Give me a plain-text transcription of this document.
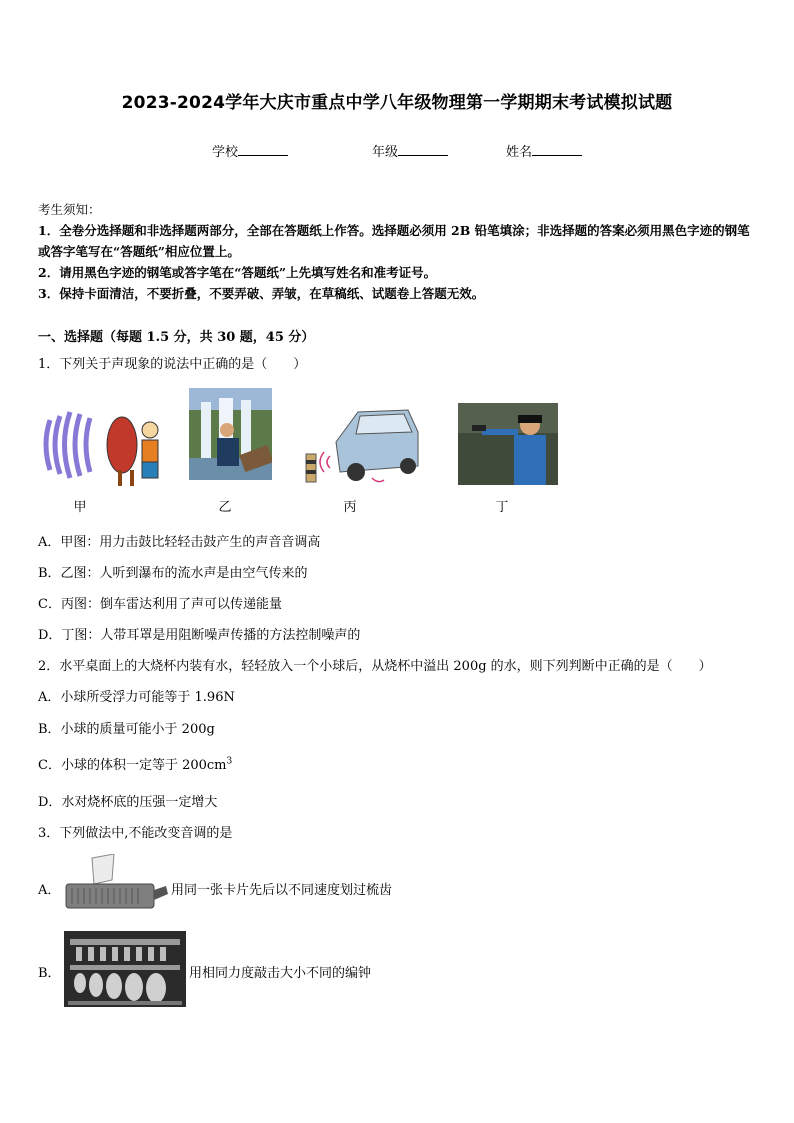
2023-2024学年大庆市重点中学八年级物理第一学期期末考试模拟试题
学校	年级	姓名
考生须知：
1．全卷分选择题和非选择题两部分，全部在答题纸上作答。选择题必须用 2B 铅笔填涂；非选择题的答案必须用黑色字迹的钢笔或答字笔写在“答题纸”相应位置上。
2．请用黑色字迹的钢笔或答字笔在“答题纸”上先填写姓名和准考证号。
3．保持卡面清洁，不要折叠，不要弄破、弄皱，在草稿纸、试题卷上答题无效。
一、选择题（每题 1.5 分，共 30 题，45 分）
1．下列关于声现象的说法中正确的是（　　）
甲	乙	丙	丁
A．甲图：用力击鼓比轻轻击鼓产生的声音音调高
B．乙图：人听到瀑布的流水声是由空气传来的
C．丙图：倒车雷达利用了声可以传递能量
D．丁图：人带耳罩是用阻断噪声传播的方法控制噪声的
2．水平桌面上的大烧杯内装有水，轻轻放入一个小球后，从烧杯中溢出 200g 的水，则下列判断中正确的是（　　）
A．小球所受浮力可能等于 1.96N
B．小球的质量可能小于 200g
C．小球的体积一定等于 $200cm^3$
D．水对烧杯底的压强一定增大
3．下列做法中,不能改变音调的是
A．	用同一张卡片先后以不同速度划过梳齿
B．	用相同力度敲击大小不同的编钟
